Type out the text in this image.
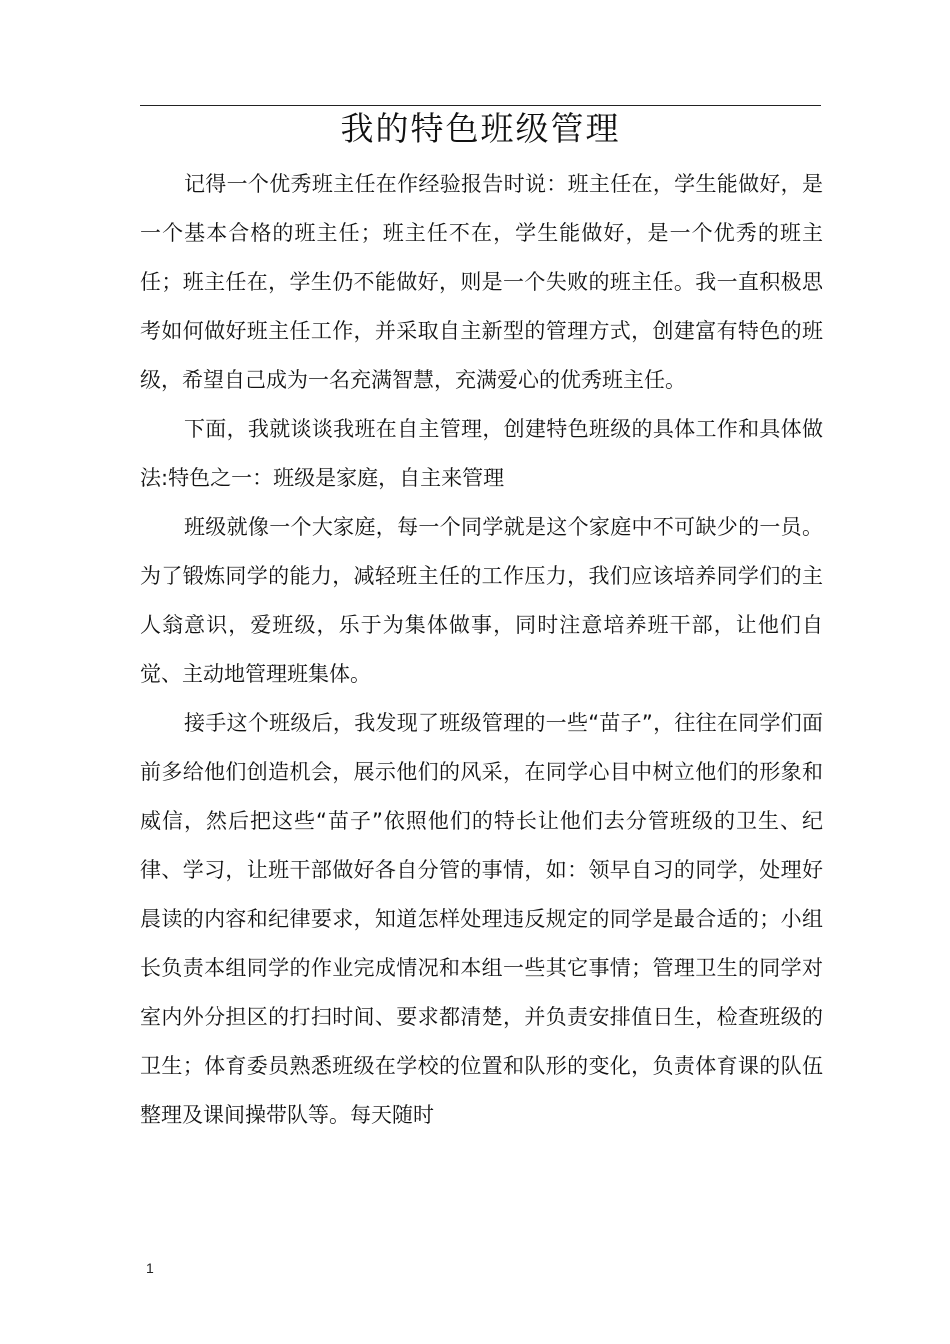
我的特色班级管理

记得一个优秀班主任在作经验报告时说：班主任在，学生能做好，是一个基本合格的班主任；班主任不在，学生能做好，是一个优秀的班主任；班主任在，学生仍不能做好，则是一个失败的班主任。我一直积极思考如何做好班主任工作，并采取自主新型的管理方式，创建富有特色的班级，希望自己成为一名充满智慧，充满爱心的优秀班主任。

下面，我就谈谈我班在自主管理，创建特色班级的具体工作和具体做法:特色之一：班级是家庭，自主来管理

班级就像一个大家庭，每一个同学就是这个家庭中不可缺少的一员。为了锻炼同学的能力，减轻班主任的工作压力，我们应该培养同学们的主人翁意识，爱班级，乐于为集体做事，同时注意培养班干部，让他们自觉、主动地管理班集体。

接手这个班级后，我发现了班级管理的一些“苗子”，往往在同学们面前多给他们创造机会，展示他们的风采，在同学心目中树立他们的形象和威信，然后把这些“苗子”依照他们的特长让他们去分管班级的卫生、纪律、学习，让班干部做好各自分管的事情，如：领早自习的同学，处理好晨读的内容和纪律要求，知道怎样处理违反规定的同学是最合适的；小组长负责本组同学的作业完成情况和本组一些其它事情；管理卫生的同学对室内外分担区的打扫时间、要求都清楚，并负责安排值日生，检查班级的卫生；体育委员熟悉班级在学校的位置和队形的变化，负责体育课的队伍整理及课间操带队等。每天随时

1
